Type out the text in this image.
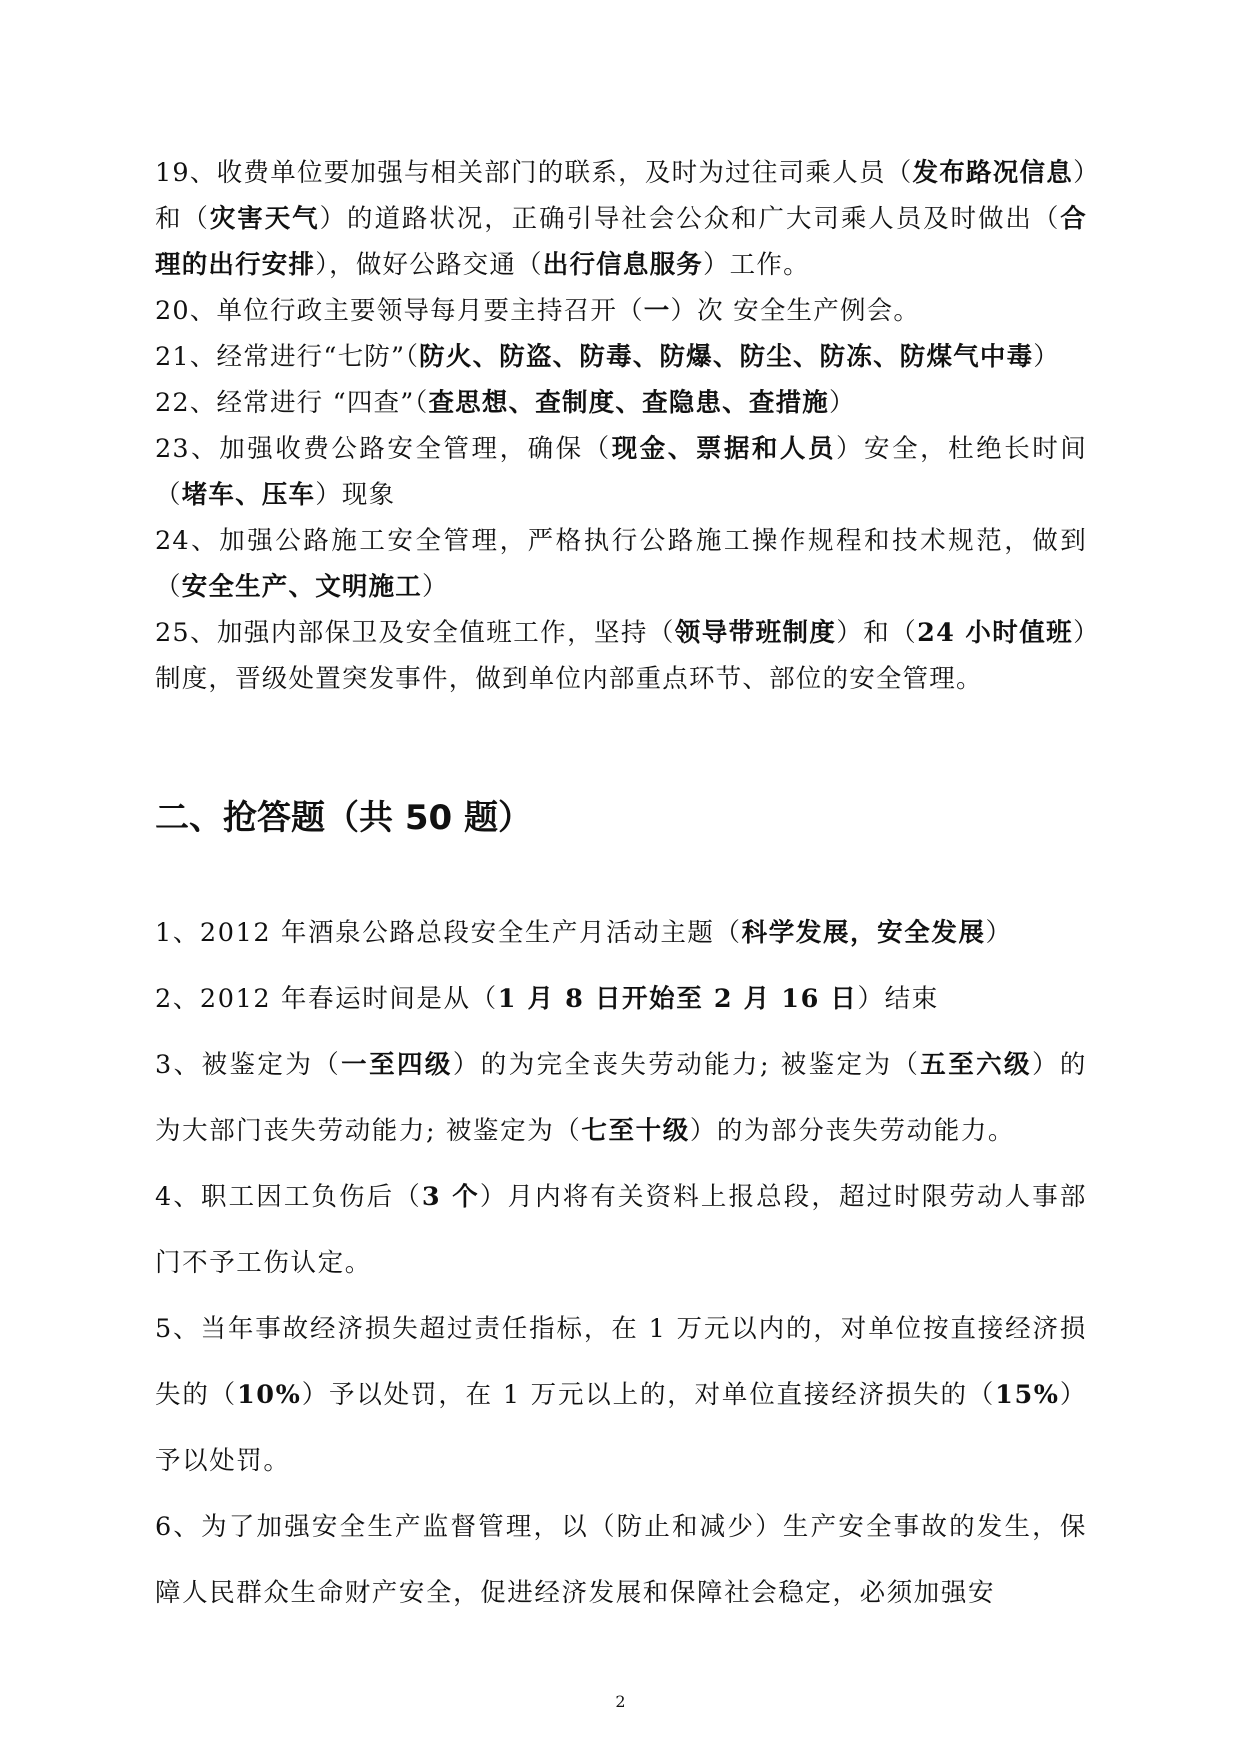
19、收费单位要加强与相关部门的联系，及时为过往司乘人员（发布路况信息）和（灾害天气）的道路状况，正确引导社会公众和广大司乘人员及时做出（合理的出行安排），做好公路交通（出行信息服务）工作。

20、单位行政主要领导每月要主持召开（一）次 安全生产例会。

21、经常进行“七防”（防火、防盗、防毒、防爆、防尘、防冻、防煤气中毒）

22、经常进行 “四查”（查思想、查制度、查隐患、查措施）

23、加强收费公路安全管理，确保（现金、票据和人员）安全，杜绝长时间（堵车、压车）现象

24、加强公路施工安全管理，严格执行公路施工操作规程和技术规范，做到（安全生产、文明施工）

25、加强内部保卫及安全值班工作，坚持（领导带班制度）和（24 小时值班）制度，晋级处置突发事件，做到单位内部重点环节、部位的安全管理。

二、抢答题（共 50 题）

1、2012 年酒泉公路总段安全生产月活动主题（科学发展，安全发展）

2、2012 年春运时间是从（1 月 8 日开始至 2 月 16 日）结束

3、被鉴定为（一至四级）的为完全丧失劳动能力; 被鉴定为（五至六级）的为大部门丧失劳动能力; 被鉴定为（七至十级）的为部分丧失劳动能力。

4、职工因工负伤后（3 个）月内将有关资料上报总段，超过时限劳动人事部门不予工伤认定。

5、当年事故经济损失超过责任指标，在 1 万元以内的，对单位按直接经济损失的（10%）予以处罚，在 1 万元以上的，对单位直接经济损失的（15%）予以处罚。

6、为了加强安全生产监督管理，以（防止和减少）生产安全事故的发生，保障人民群众生命财产安全，促进经济发展和保障社会稳定，必须加强安

2
